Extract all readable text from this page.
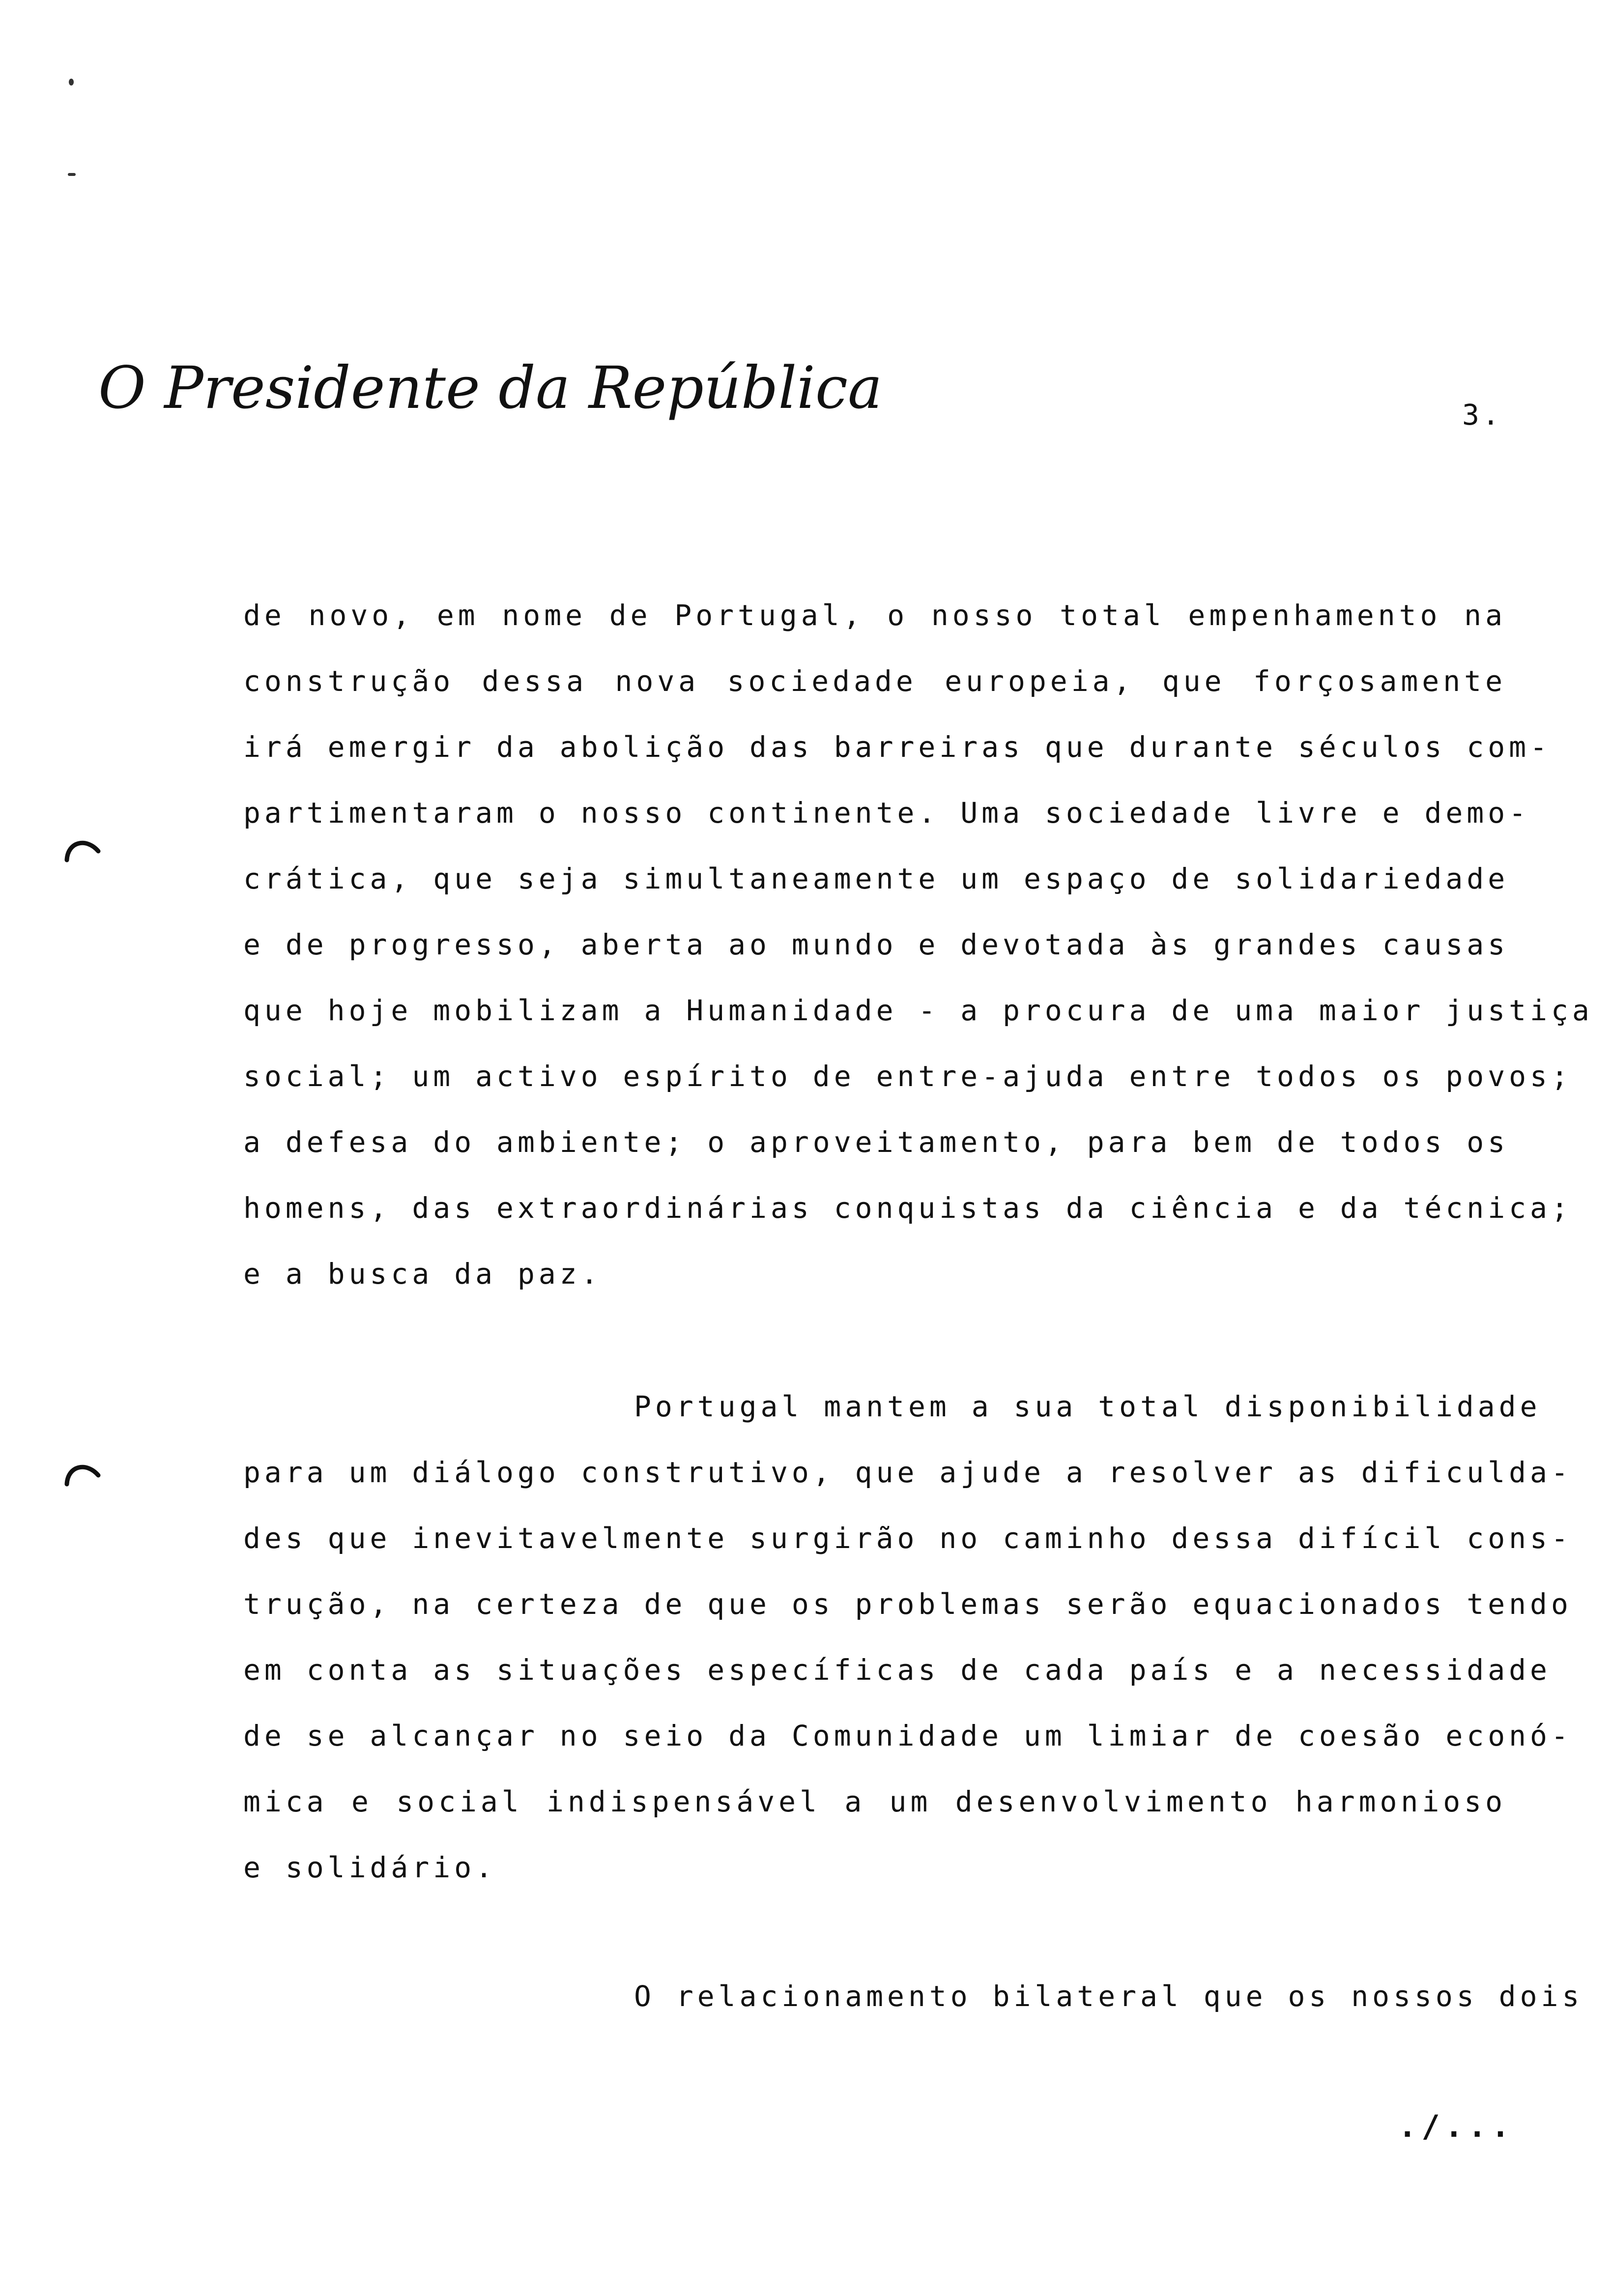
O Presidente da República	3.
de novo, em nome de Portugal, o nosso total empenhamento na
construção dessa nova sociedade europeia, que forçosamente
irá emergir da abolição das barreiras que durante séculos com-
partimentaram o nosso continente. Uma sociedade livre e demo-
crática, que seja simultaneamente um espaço de solidariedade
e de progresso, aberta ao mundo e devotada às grandes causas
que hoje mobilizam a Humanidade - a procura de uma maior justiça
social; um activo espírito de entre-ajuda entre todos os povos;
a defesa do ambiente; o aproveitamento, para bem de todos os
homens, das extraordinárias conquistas da ciência e da técnica;
e a busca da paz.
Portugal mantem a sua total disponibilidade
para um diálogo construtivo, que ajude a resolver as dificulda-
des que inevitavelmente surgirão no caminho dessa difícil cons-
trução, na certeza de que os problemas serão equacionados tendo
em conta as situações específicas de cada país e a necessidade
de se alcançar no seio da Comunidade um limiar de coesão econó-
mica e social indispensável a um desenvolvimento harmonioso
e solidário.
O relacionamento bilateral que os nossos dois
./...
